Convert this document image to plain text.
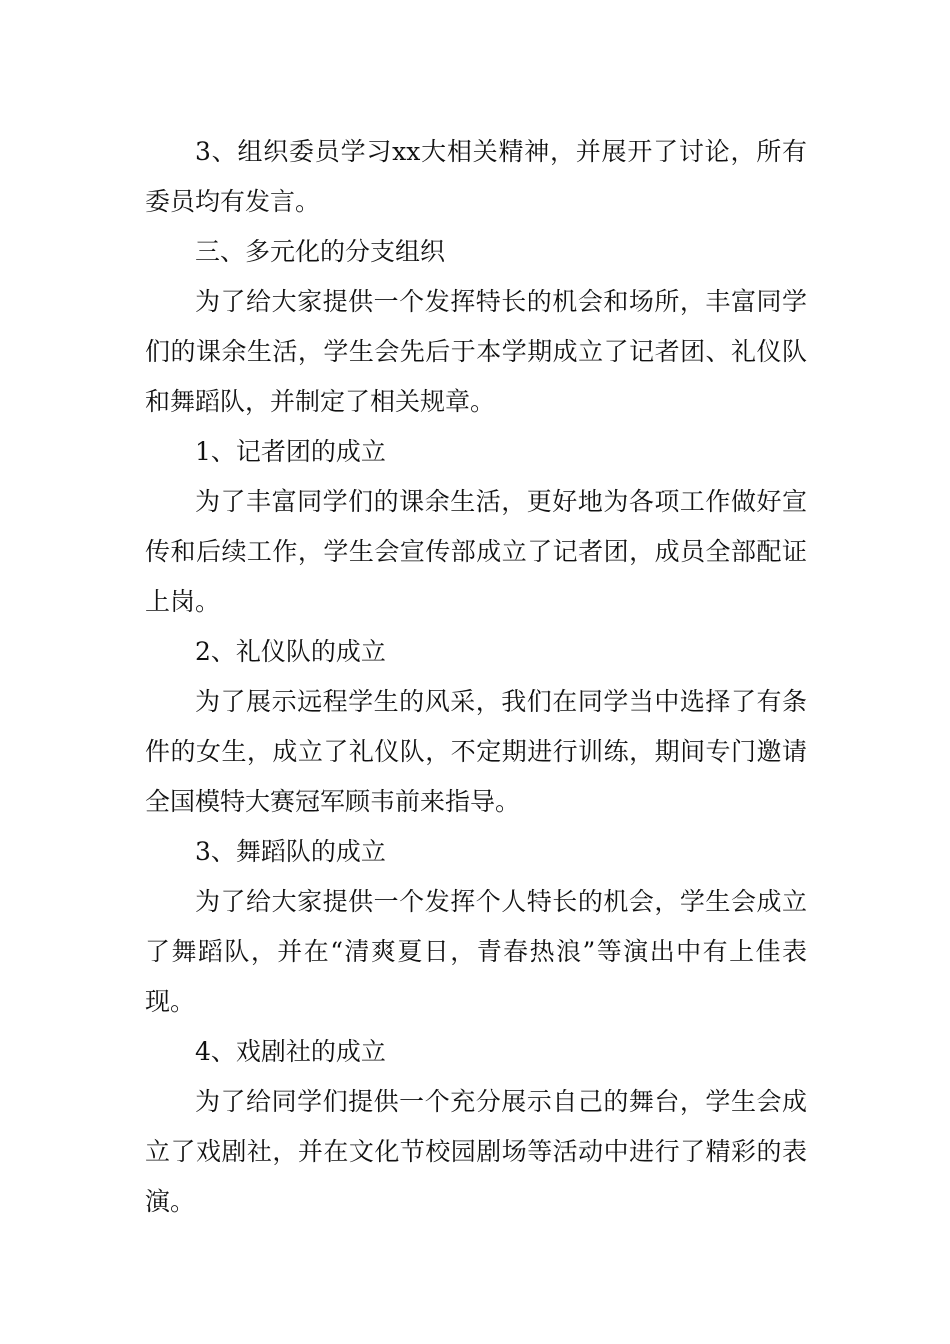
3、组织委员学习xx大相关精神，并展开了讨论，所有委员均有发言。

三、多元化的分支组织

为了给大家提供一个发挥特长的机会和场所，丰富同学们的课余生活，学生会先后于本学期成立了记者团、礼仪队和舞蹈队，并制定了相关规章。

1、记者团的成立

为了丰富同学们的课余生活，更好地为各项工作做好宣传和后续工作，学生会宣传部成立了记者团，成员全部配证上岗。

2、礼仪队的成立

为了展示远程学生的风采，我们在同学当中选择了有条件的女生，成立了礼仪队，不定期进行训练，期间专门邀请全国模特大赛冠军顾韦前来指导。

3、舞蹈队的成立

为了给大家提供一个发挥个人特长的机会，学生会成立了舞蹈队，并在“清爽夏日，青春热浪”等演出中有上佳表现。

4、戏剧社的成立

为了给同学们提供一个充分展示自己的舞台，学生会成立了戏剧社，并在文化节校园剧场等活动中进行了精彩的表演。
